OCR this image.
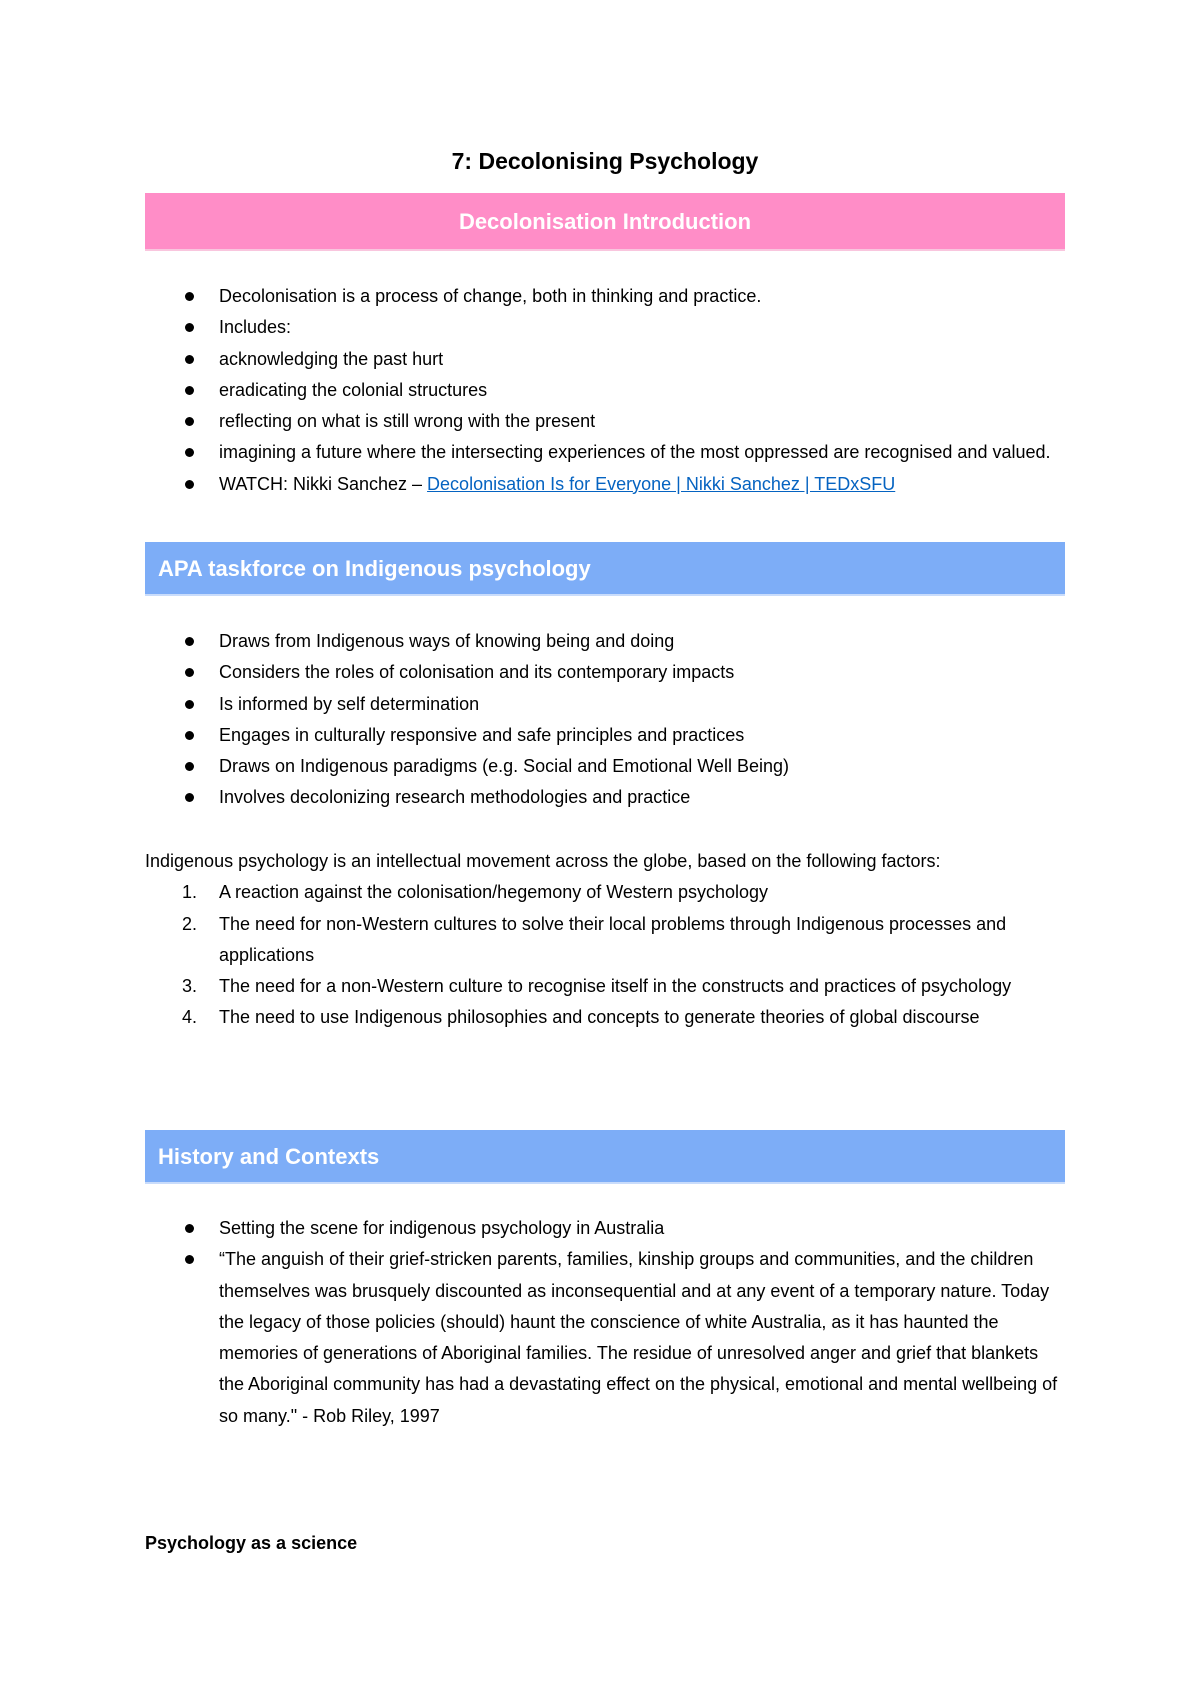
7: Decolonising Psychology
Decolonisation Introduction
Decolonisation is a process of change, both in thinking and practice.
Includes:
acknowledging the past hurt
eradicating the colonial structures
reflecting on what is still wrong with the present
imagining a future where the intersecting experiences of the most oppressed are recognised and valued.
WATCH: Nikki Sanchez – Decolonisation Is for Everyone | Nikki Sanchez | TEDxSFU
APA taskforce on Indigenous psychology
Draws from Indigenous ways of knowing being and doing
Considers the roles of colonisation and its contemporary impacts
Is informed by self determination
Engages in culturally responsive and safe principles and practices
Draws on Indigenous paradigms (e.g. Social and Emotional Well Being)
Involves decolonizing research methodologies and practice

Indigenous psychology is an intellectual movement across the globe, based on the following factors:

1. A reaction against the colonisation/hegemony of Western psychology
2. The need for non-Western cultures to solve their local problems through Indigenous processes and applications
3. The need for a non-Western culture to recognise itself in the constructs and practices of psychology
4. The need to use Indigenous philosophies and concepts to generate theories of global discourse
History and Contexts
Setting the scene for indigenous psychology in Australia
“The anguish of their grief-stricken parents, families, kinship groups and communities, and the children themselves was brusquely discounted as inconsequential and at any event of a temporary nature. Today the legacy of those policies (should) haunt the conscience of white Australia, as it has haunted the memories of generations of Aboriginal families. The residue of unresolved anger and grief that blankets the Aboriginal community has had a devastating effect on the physical, emotional and mental wellbeing of so many." - Rob Riley, 1997
Psychology as a science
